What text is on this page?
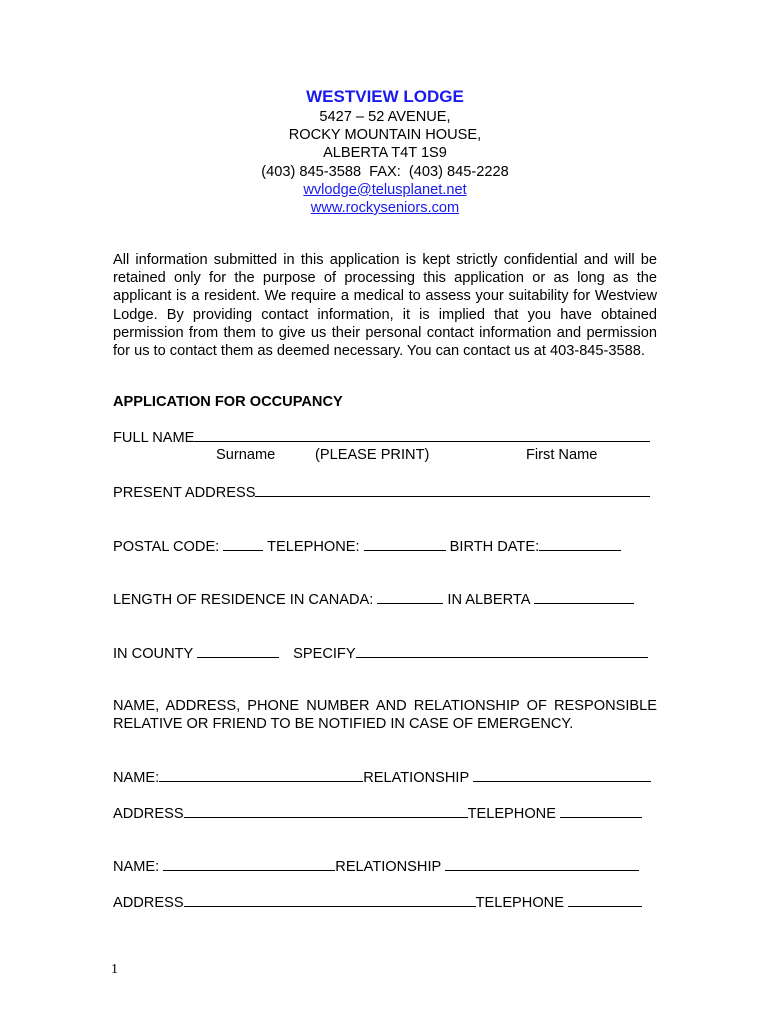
WESTVIEW LODGE
5427 – 52 AVENUE,
ROCKY MOUNTAIN HOUSE,
ALBERTA T4T 1S9
(403) 845-3588  FAX:  (403) 845-2228
wvlodge@telusplanet.net
www.rockyseniors.com

All information submitted in this application is kept strictly confidential and will be retained only for the purpose of processing this application or as long as the applicant is a resident. We require a medical to assess your suitability for Westview Lodge. By providing contact information, it is implied that you have obtained permission from them to give us their personal contact information and permission for us to contact them as deemed necessary. You can contact us at 403-845-3588.

APPLICATION FOR OCCUPANCY

FULL NAME
Surname	(PLEASE PRINT)	First Name
PRESENT ADDRESS
POSTAL CODE:	TELEPHONE:	BIRTH DATE:
LENGTH OF RESIDENCE IN CANADA:	IN ALBERTA
IN COUNTY	SPECIFY

NAME, ADDRESS, PHONE NUMBER AND RELATIONSHIP OF RESPONSIBLE RELATIVE OR FRIEND TO BE NOTIFIED IN CASE OF EMERGENCY.

NAME:	RELATIONSHIP
ADDRESS	TELEPHONE
NAME:	RELATIONSHIP
ADDRESS	TELEPHONE
1
